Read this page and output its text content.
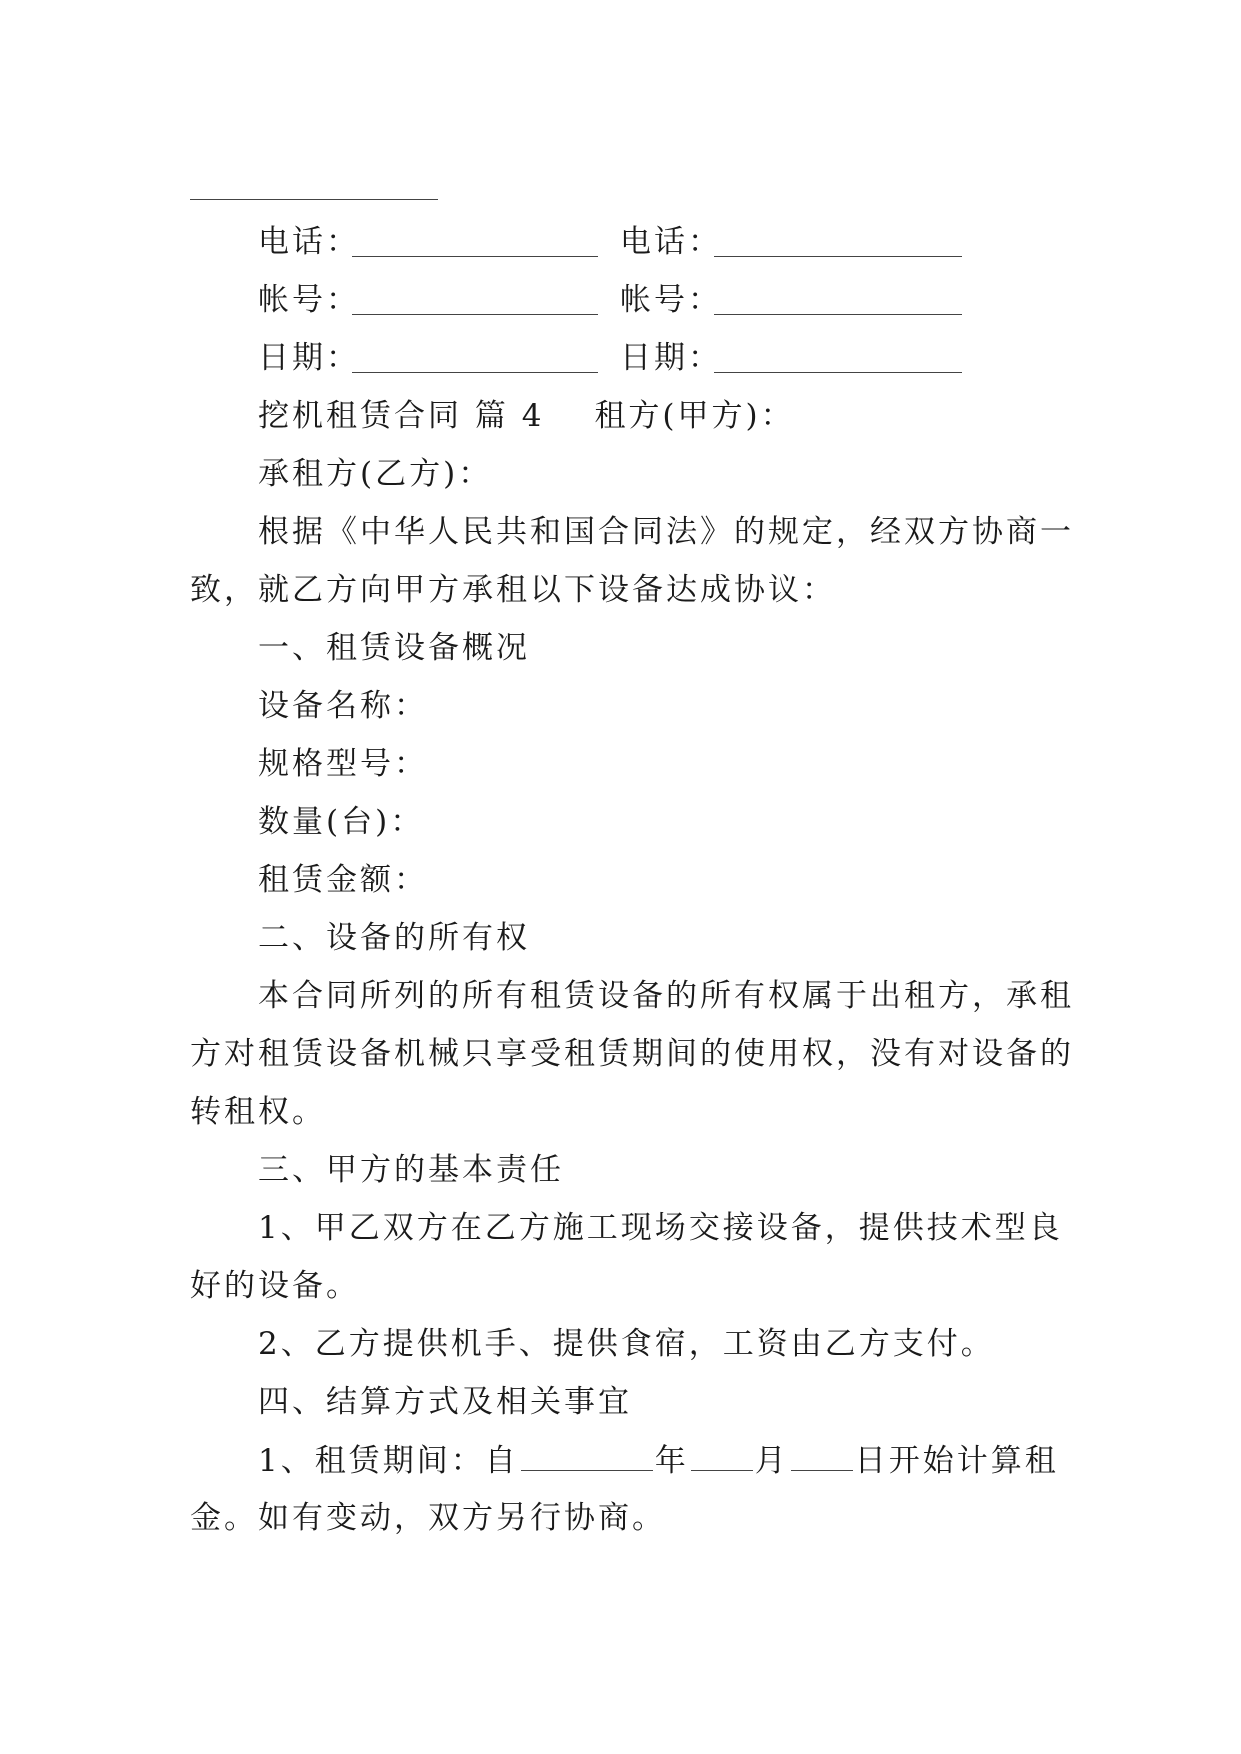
电话：	电话：
帐号：	帐号：
日期：	日期：
挖机租赁合同 篇 4 租方(甲方)：
承租方(乙方)：
根据《中华人民共和国合同法》的规定，经双方协商一
致，就乙方向甲方承租以下设备达成协议：
一、租赁设备概况
设备名称：
规格型号：
数量(台)：
租赁金额：
二、设备的所有权
本合同所列的所有租赁设备的所有权属于出租方，承租
方对租赁设备机械只享受租赁期间的使用权，没有对设备的
转租权。
三、甲方的基本责任
1、甲乙双方在乙方施工现场交接设备，提供技术型良
好的设备。
2、乙方提供机手、提供食宿，工资由乙方支付。
四、结算方式及相关事宜
1、租赁期间：自	年 月 日开始计算租
金。如有变动，双方另行协商。
